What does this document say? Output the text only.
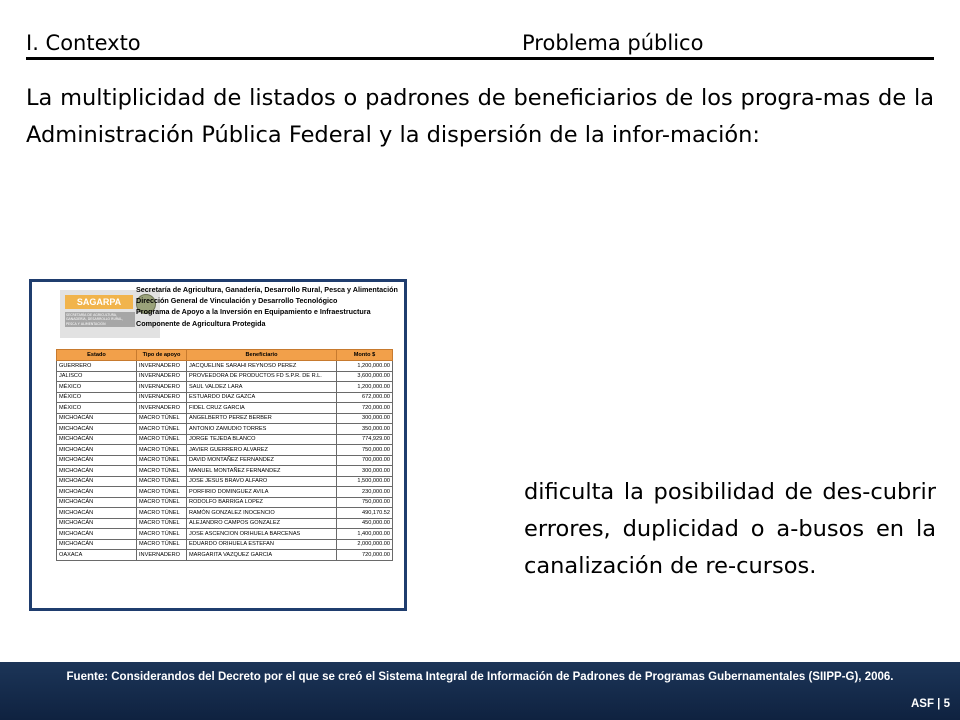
I. Contexto	Problema público
La multiplicidad de listados o padrones de beneficiarios de los progra-mas de la Administración Pública Federal y la dispersión de la infor-mación:
SAGARPA
SECRETARÍA DE AGRICULTURA, GANADERÍA, DESARROLLO RURAL, PESCA Y ALIMENTACIÓN
Secretaría de Agricultura, Ganadería, Desarrollo Rural, Pesca y Alimentación
Dirección General de Vinculación y Desarrollo Tecnológico
Programa de Apoyo a la Inversión en Equipamiento e Infraestructura
Componente de Agricultura Protegida
Estado	Tipo de apoyo	Beneficiario	Monto $
GUERRERO	INVERNADERO	JACQUELINE SARAHI REYNOSO PEREZ	1,200,000.00
JALISCO	INVERNADERO	PROVEEDORA DE PRODUCTOS FD S.P.R. DE R.L.	3,600,000.00
MÉXICO	INVERNADERO	SAUL VALDEZ LARA	1,200,000.00
MÉXICO	INVERNADERO	ESTUARDO DIAZ GAZCA	672,000.00
MÉXICO	INVERNADERO	FIDEL CRUZ GARCIA	720,000.00
MICHOACÁN	MACRO TÚNEL	ANGELBERTO PEREZ BERBER	300,000.00
MICHOACÁN	MACRO TÚNEL	ANTONIO ZAMUDIO TORRES	350,000.00
MICHOACÁN	MACRO TÚNEL	JORGE TEJEDA BLANCO	774,929.00
MICHOACÁN	MACRO TÚNEL	JAVIER GUERRERO ALVAREZ	750,000.00
MICHOACÁN	MACRO TÚNEL	DAVID MONTAÑEZ FERNANDEZ	700,000.00
MICHOACÁN	MACRO TÚNEL	MANUEL MONTAÑEZ FERNANDEZ	300,000.00
MICHOACÁN	MACRO TÚNEL	JOSE JESUS BRAVO ALFARO	1,500,000.00
MICHOACÁN	MACRO TÚNEL	PORFIRIO DOMINGUEZ AVILA	230,000.00
MICHOACÁN	MACRO TÚNEL	RODOLFO BARRIGA LOPEZ	750,000.00
MICHOACÁN	MACRO TÚNEL	RAMÓN GONZALEZ INOCENCIO	490,170.52
MICHOACÁN	MACRO TÚNEL	ALEJANDRO CAMPOS GONZALEZ	450,000.00
MICHOACÁN	MACRO TÚNEL	JOSE ASCENCION ORIHUELA BARCENAS	1,400,000.00
MICHOACÁN	MACRO TÚNEL	EDUARDO ORIHUELA ESTEFAN	2,000,000.00
OAXACA	INVERNADERO	MARGARITA VAZQUEZ GARCIA	720,000.00
dificulta la posibilidad de des-cubrir errores, duplicidad o a-busos en la canalización de re-cursos.
Fuente: Considerandos del Decreto por el que se creó el Sistema Integral de Información de Padrones de Programas Gubernamentales (SIIPP-G), 2006.
ASF | 5
